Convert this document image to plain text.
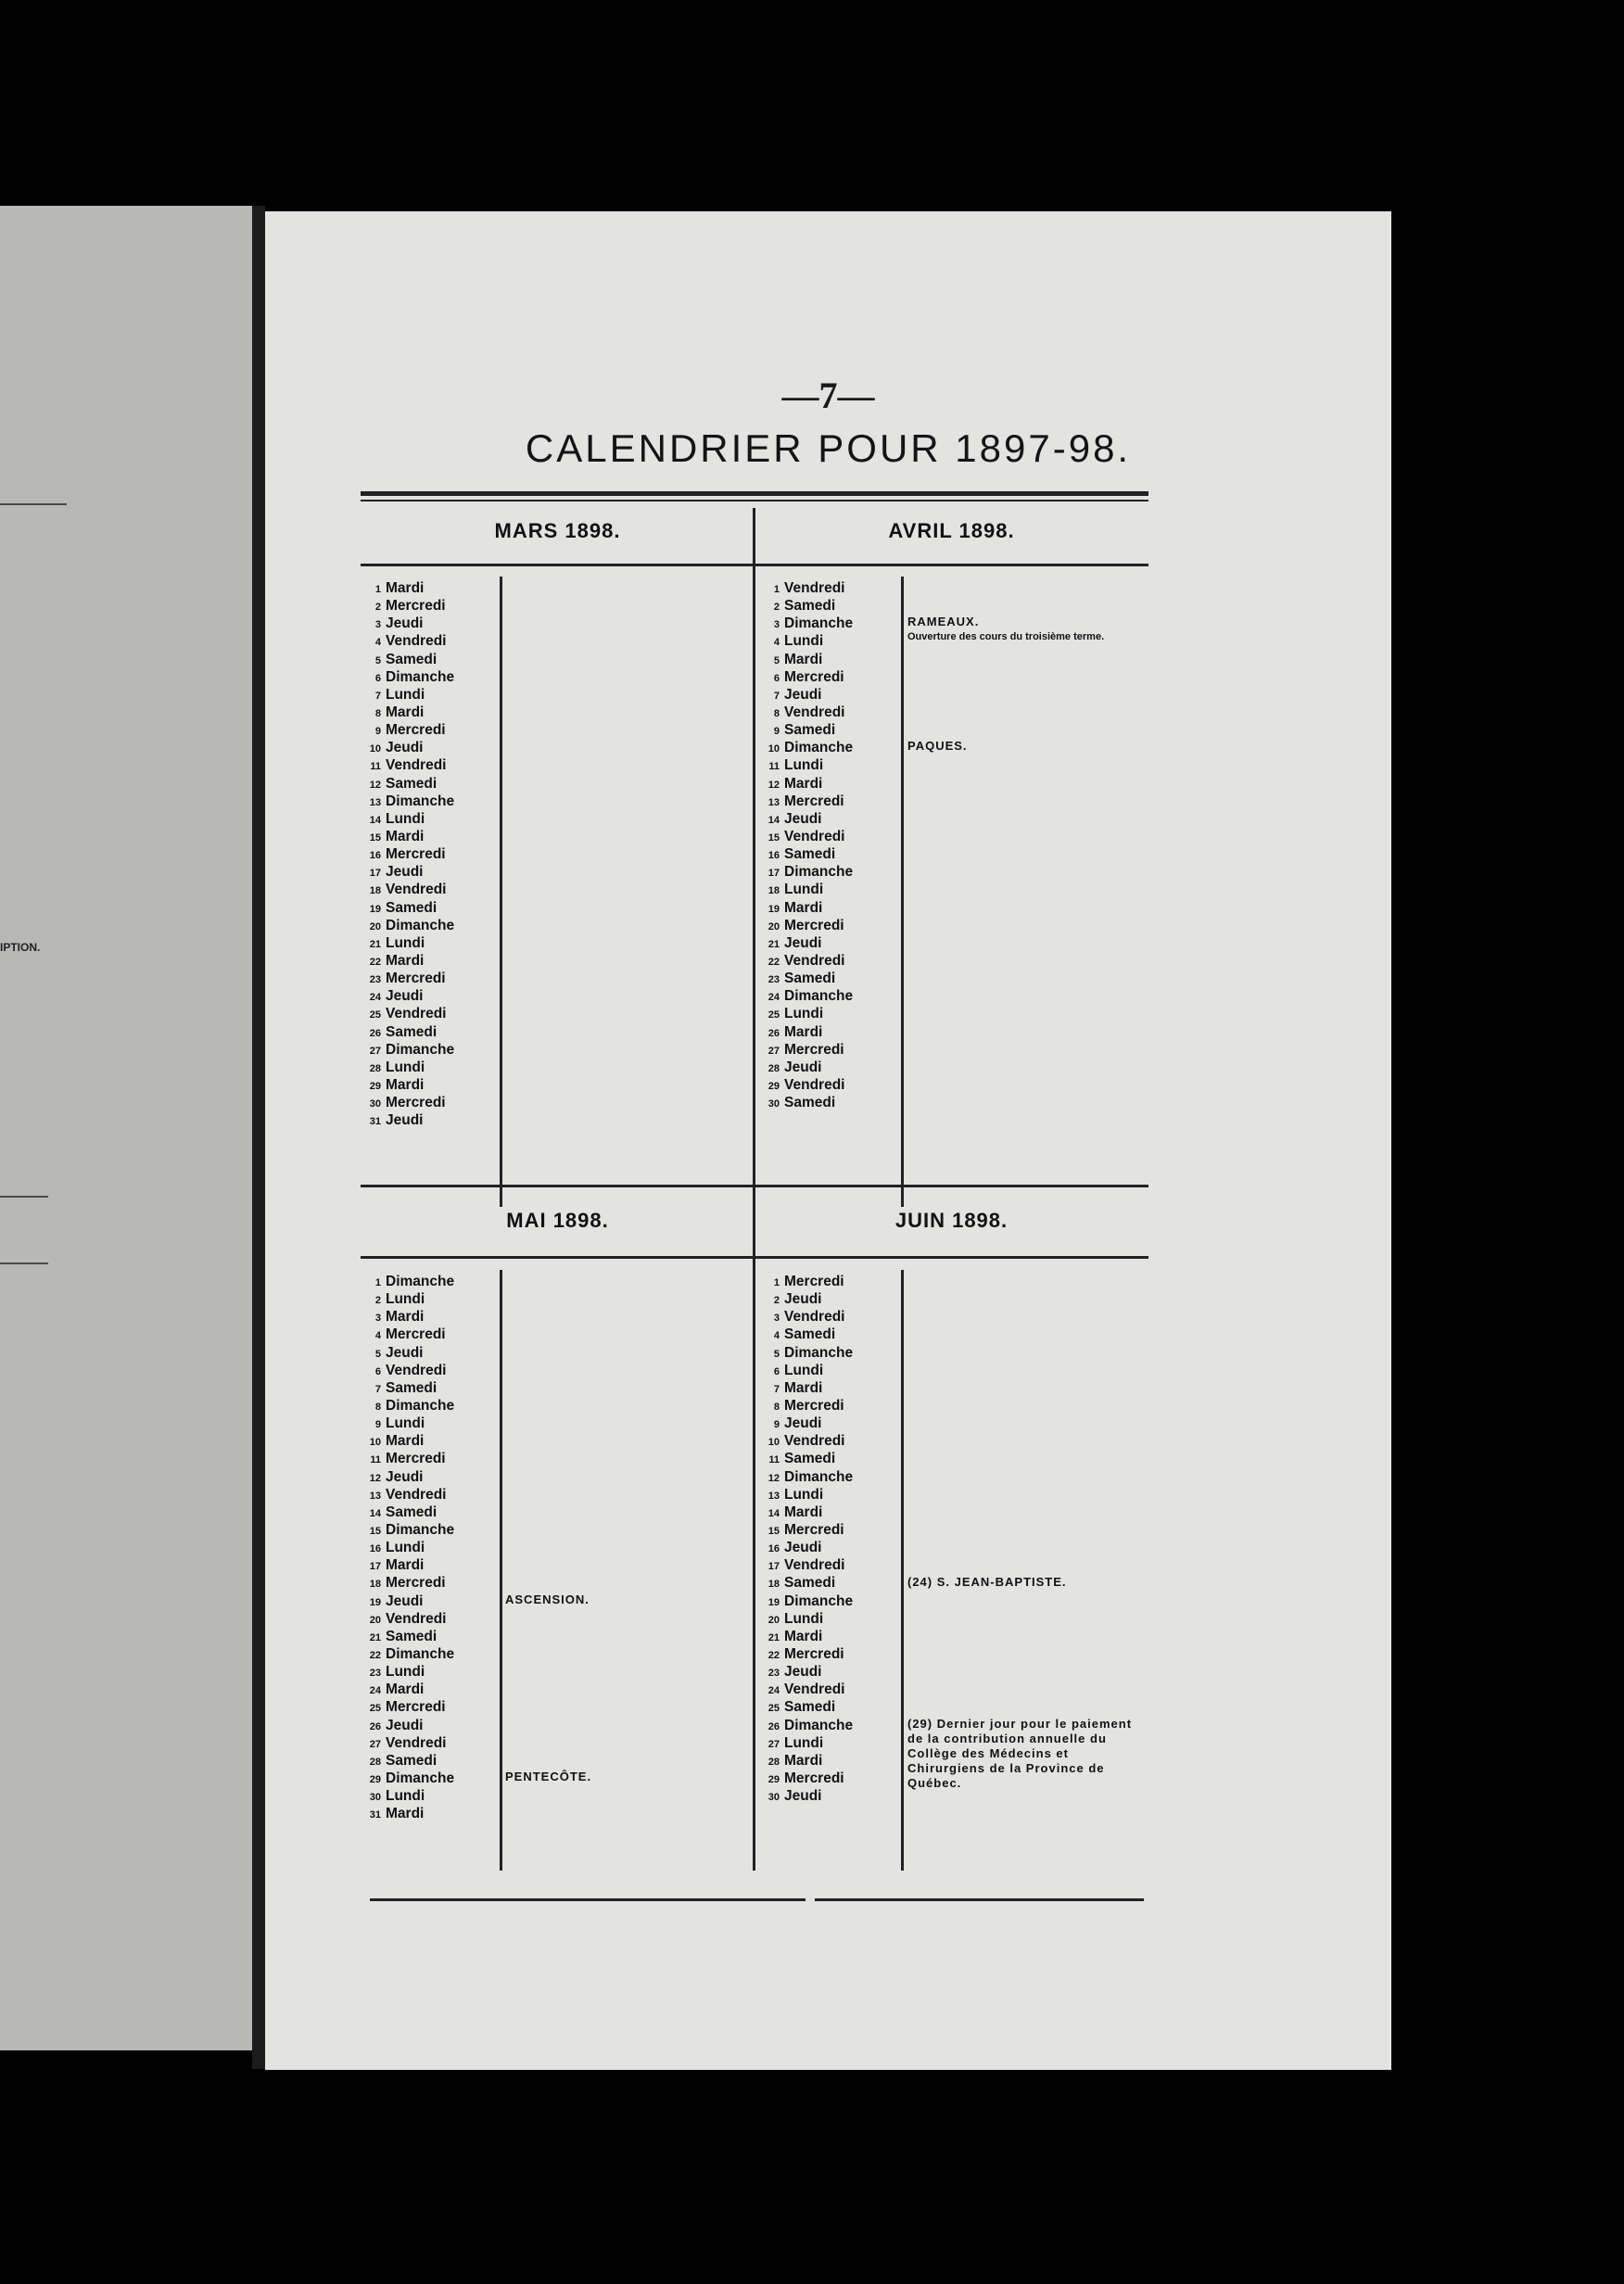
IPTION.
—7—
CALENDRIER POUR 1897-98.
MARS 1898.	AVRIL 1898.
1 Mardi
2 Mercredi
3 Jeudi
4 Vendredi
5 Samedi
6 Dimanche
7 Lundi
8 Mardi
9 Mercredi
10 Jeudi
11 Vendredi
12 Samedi
13 Dimanche
14 Lundi
15 Mardi
16 Mercredi
17 Jeudi
18 Vendredi
19 Samedi
20 Dimanche
21 Lundi
22 Mardi
23 Mercredi
24 Jeudi
25 Vendredi
26 Samedi
27 Dimanche
28 Lundi
29 Mardi
30 Mercredi
31 Jeudi
1 Vendredi
2 Samedi
3 Dimanche
4 Lundi
5 Mardi
6 Mercredi
7 Jeudi
8 Vendredi
9 Samedi
10 Dimanche
11 Lundi
12 Mardi
13 Mercredi
14 Jeudi
15 Vendredi
16 Samedi
17 Dimanche
18 Lundi
19 Mardi
20 Mercredi
21 Jeudi
22 Vendredi
23 Samedi
24 Dimanche
25 Lundi
26 Mardi
27 Mercredi
28 Jeudi
29 Vendredi
30 Samedi
RAMEAUX.
Ouverture des cours du troisième terme.
PAQUES.
MAI 1898.	JUIN 1898.
1 Dimanche
2 Lundi
3 Mardi
4 Mercredi
5 Jeudi
6 Vendredi
7 Samedi
8 Dimanche
9 Lundi
10 Mardi
11 Mercredi
12 Jeudi
13 Vendredi
14 Samedi
15 Dimanche
16 Lundi
17 Mardi
18 Mercredi
19 Jeudi
20 Vendredi
21 Samedi
22 Dimanche
23 Lundi
24 Mardi
25 Mercredi
26 Jeudi
27 Vendredi
28 Samedi
29 Dimanche
30 Lundi
31 Mardi
1 Mercredi
2 Jeudi
3 Vendredi
4 Samedi
5 Dimanche
6 Lundi
7 Mardi
8 Mercredi
9 Jeudi
10 Vendredi
11 Samedi
12 Dimanche
13 Lundi
14 Mardi
15 Mercredi
16 Jeudi
17 Vendredi
18 Samedi
19 Dimanche
20 Lundi
21 Mardi
22 Mercredi
23 Jeudi
24 Vendredi
25 Samedi
26 Dimanche
27 Lundi
28 Mardi
29 Mercredi
30 Jeudi
ASCENSION.
PENTECÔTE.
(24) S. JEAN-BAPTISTE.
(29) Dernier jour pour le paiement de la contribution annuelle du Collège des Médecins et Chirurgiens de la Province de Québec.
